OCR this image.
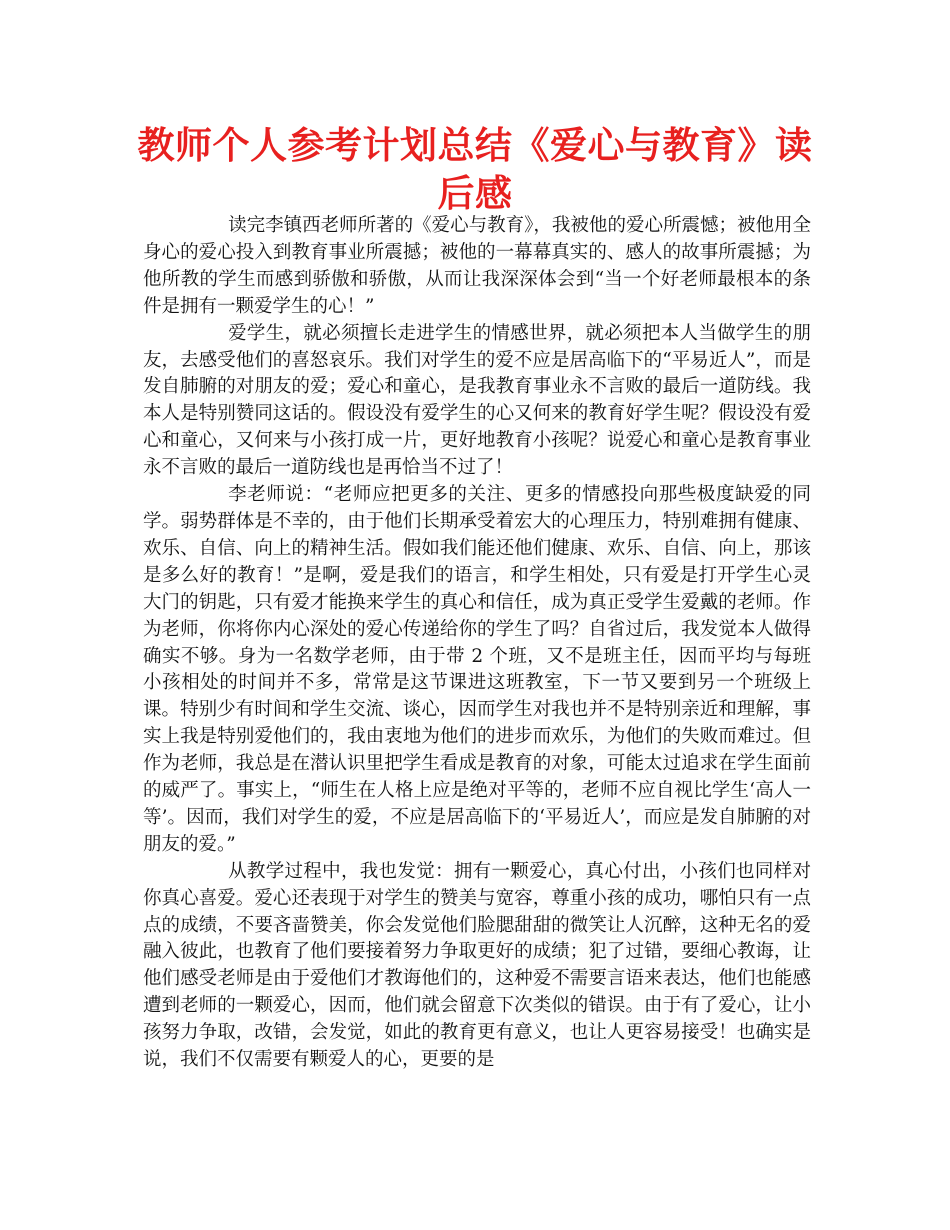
教师个人参考计划总结《爱心与教育》读后感

读完李镇西老师所著的《爱心与教育》，我被他的爱心所震憾；被他用全身心的爱心投入到教育事业所震撼；被他的一幕幕真实的、感人的故事所震撼；为他所教的学生而感到骄傲和骄傲，从而让我深深体会到“当一个好老师最根本的条件是拥有一颗爱学生的心！”

爱学生，就必须擅长走进学生的情感世界，就必须把本人当做学生的朋友，去感受他们的喜怒哀乐。我们对学生的爱不应是居高临下的“平易近人”，而是发自肺腑的对朋友的爱；爱心和童心，是我教育事业永不言败的最后一道防线。我本人是特别赞同这话的。假设没有爱学生的心又何来的教育好学生呢？假设没有爱心和童心，又何来与小孩打成一片，更好地教育小孩呢？说爱心和童心是教育事业永不言败的最后一道防线也是再恰当不过了！

李老师说：“老师应把更多的关注、更多的情感投向那些极度缺爱的同学。弱势群体是不幸的，由于他们长期承受着宏大的心理压力，特别难拥有健康、欢乐、自信、向上的精神生活。假如我们能还他们健康、欢乐、自信、向上，那该是多么好的教育！”是啊，爱是我们的语言，和学生相处，只有爱是打开学生心灵大门的钥匙，只有爱才能换来学生的真心和信任，成为真正受学生爱戴的老师。作为老师，你将你内心深处的爱心传递给你的学生了吗？自省过后，我发觉本人做得确实不够。身为一名数学老师，由于带 2 个班，又不是班主任，因而平均与每班小孩相处的时间并不多，常常是这节课进这班教室，下一节又要到另一个班级上课。特别少有时间和学生交流、谈心，因而学生对我也并不是特别亲近和理解，事实上我是特别爱他们的，我由衷地为他们的进步而欢乐，为他们的失败而难过。但作为老师，我总是在潜认识里把学生看成是教育的对象，可能太过追求在学生面前的威严了。事实上，“师生在人格上应是绝对平等的，老师不应自视比学生‘高人一等’。因而，我们对学生的爱，不应是居高临下的‘平易近人’，而应是发自肺腑的对朋友的爱。”

从教学过程中，我也发觉：拥有一颗爱心，真心付出，小孩们也同样对你真心喜爱。爱心还表现于对学生的赞美与宽容，尊重小孩的成功，哪怕只有一点点的成绩，不要吝啬赞美，你会发觉他们脸腮甜甜的微笑让人沉醉，这种无名的爱融入彼此，也教育了他们要接着努力争取更好的成绩；犯了过错，要细心教诲，让他们感受老师是由于爱他们才教诲他们的，这种爱不需要言语来表达，他们也能感遭到老师的一颗爱心，因而，他们就会留意下次类似的错误。由于有了爱心，让小孩努力争取，改错，会发觉，如此的教育更有意义，也让人更容易接受！也确实是说，我们不仅需要有颗爱人的心，更要的是
